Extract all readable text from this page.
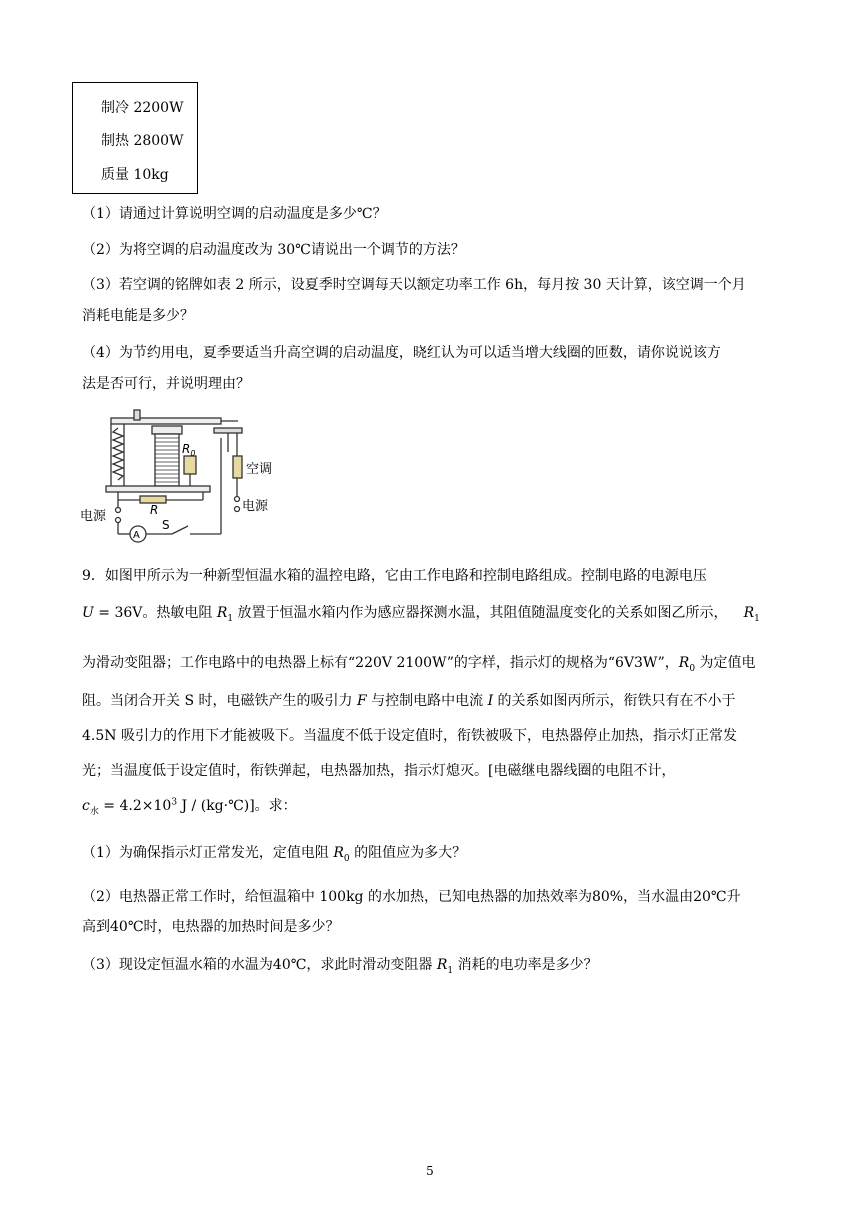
制冷 2200W
制热 2800W
质量 10kg
（1）请通过计算说明空调的启动温度是多少℃？
（2）为将空调的启动温度改为 30℃请说出一个调节的方法？
（3）若空调的铭牌如表 2 所示，设夏季时空调每天以额定功率工作 6h，每月按 30 天计算，该空调一个月
消耗电能是多少？
（4）为节约用电，夏季要适当升高空调的启动温度，晓红认为可以适当增大线圈的匝数，请你说说该方
法是否可行，并说明理由？
$R_0$
R
S
A
空调
电源
电源
9．如图甲所示为一种新型恒温水箱的温控电路，它由工作电路和控制电路组成。控制电路的电源电压
U = 36V。热敏电阻 $R_1$ 放置于恒温水箱内作为感应器探测水温，其阻值随温度变化的关系如图乙所示， $R_1$
为滑动变阻器；工作电路中的电热器上标有“220V 2100W”的字样，指示灯的规格为“6V3W”，$R_0$ 为定值电
阻。当闭合开关 S 时，电磁铁产生的吸引力 F 与控制电路中电流 I 的关系如图丙所示，衔铁只有在不小于
4.5N 吸引力的作用下才能被吸下。当温度不低于设定值时，衔铁被吸下，电热器停止加热，指示灯正常发
光；当温度低于设定值时，衔铁弹起，电热器加热，指示灯熄灭。[电磁继电器线圈的电阻不计，
$c_水 = 4.2\times 10^3$ J / (kg·℃)]。求：
（1）为确保指示灯正常发光，定值电阻 $R_0$ 的阻值应为多大？
（2）电热器正常工作时，给恒温箱中 100kg 的水加热，已知电热器的加热效率为80%，当水温由20℃升
高到40℃时，电热器的加热时间是多少？
（3）现设定恒温水箱的水温为40℃，求此时滑动变阻器 $R_1$ 消耗的电功率是多少？
5
